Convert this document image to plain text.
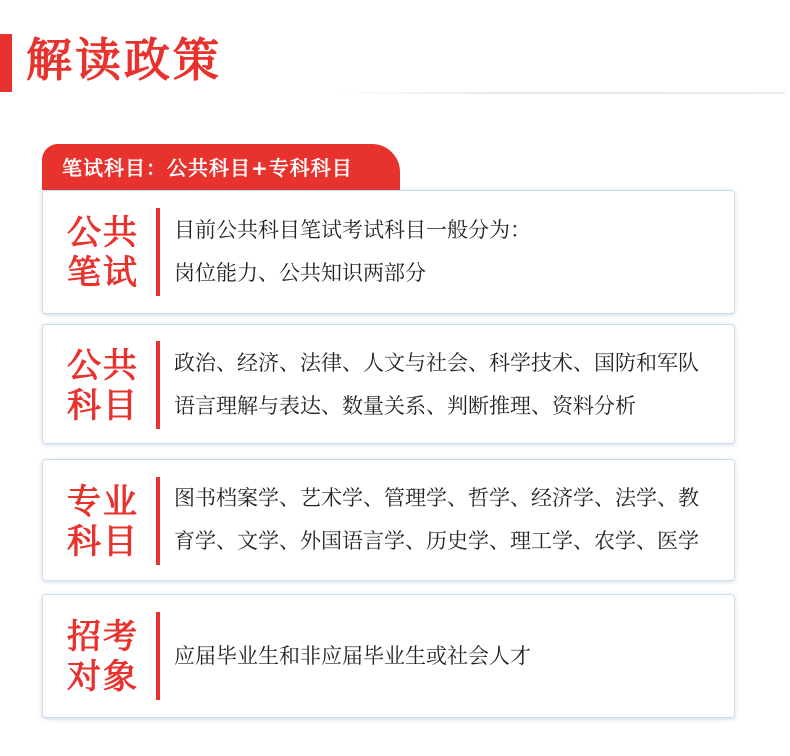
解读政策
笔试科目：公共科目+专科科目
公共
笔试
目前公共科目笔试考试科目一般分为：
岗位能力、公共知识两部分
公共
科目
政治、经济、法律、人文与社会、科学技术、国防和军队
语言理解与表达、数量关系、判断推理、资料分析
专业
科目
图书档案学、艺术学、管理学、哲学、经济学、法学、教
育学、文学、外国语言学、历史学、理工学、农学、医学
招考
对象
应届毕业生和非应届毕业生或社会人才
